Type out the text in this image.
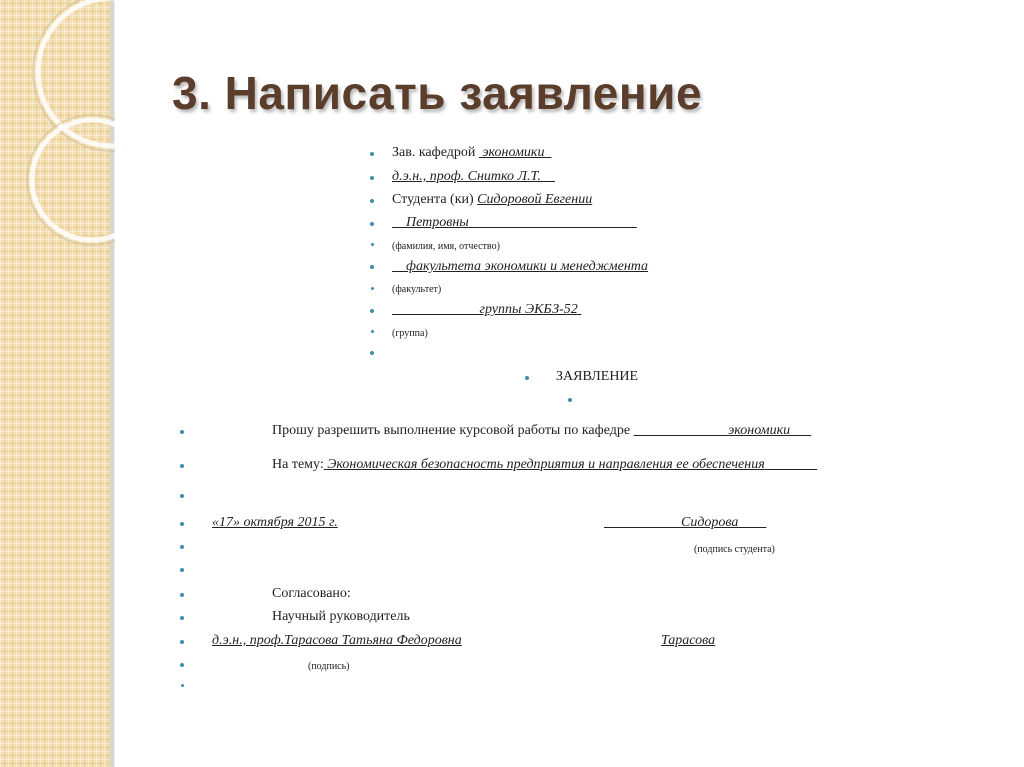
3. Написать заявление
Зав. кафедрой  экономики
д.э.н., проф. Снитко Л.Т.
Студента (ки) Сидоровой Евгении
Петровны
(фамилия, имя, отчество)
факультета экономики и менеджмента
(факультет)
группы ЭКБЗ-52
(группа)
ЗАЯВЛЕНИЕ
Прошу разрешить выполнение курсовой работы по кафедре	экономики
На тему: Экономическая безопасность предприятия и направления ее обеспечения
«17» октября 2015 г.	Сидорова
(подпись студента)
Согласовано:
Научный руководитель
д.э.н., проф.Тарасова Татьяна Федоровна	Тарасова
(подпись)
